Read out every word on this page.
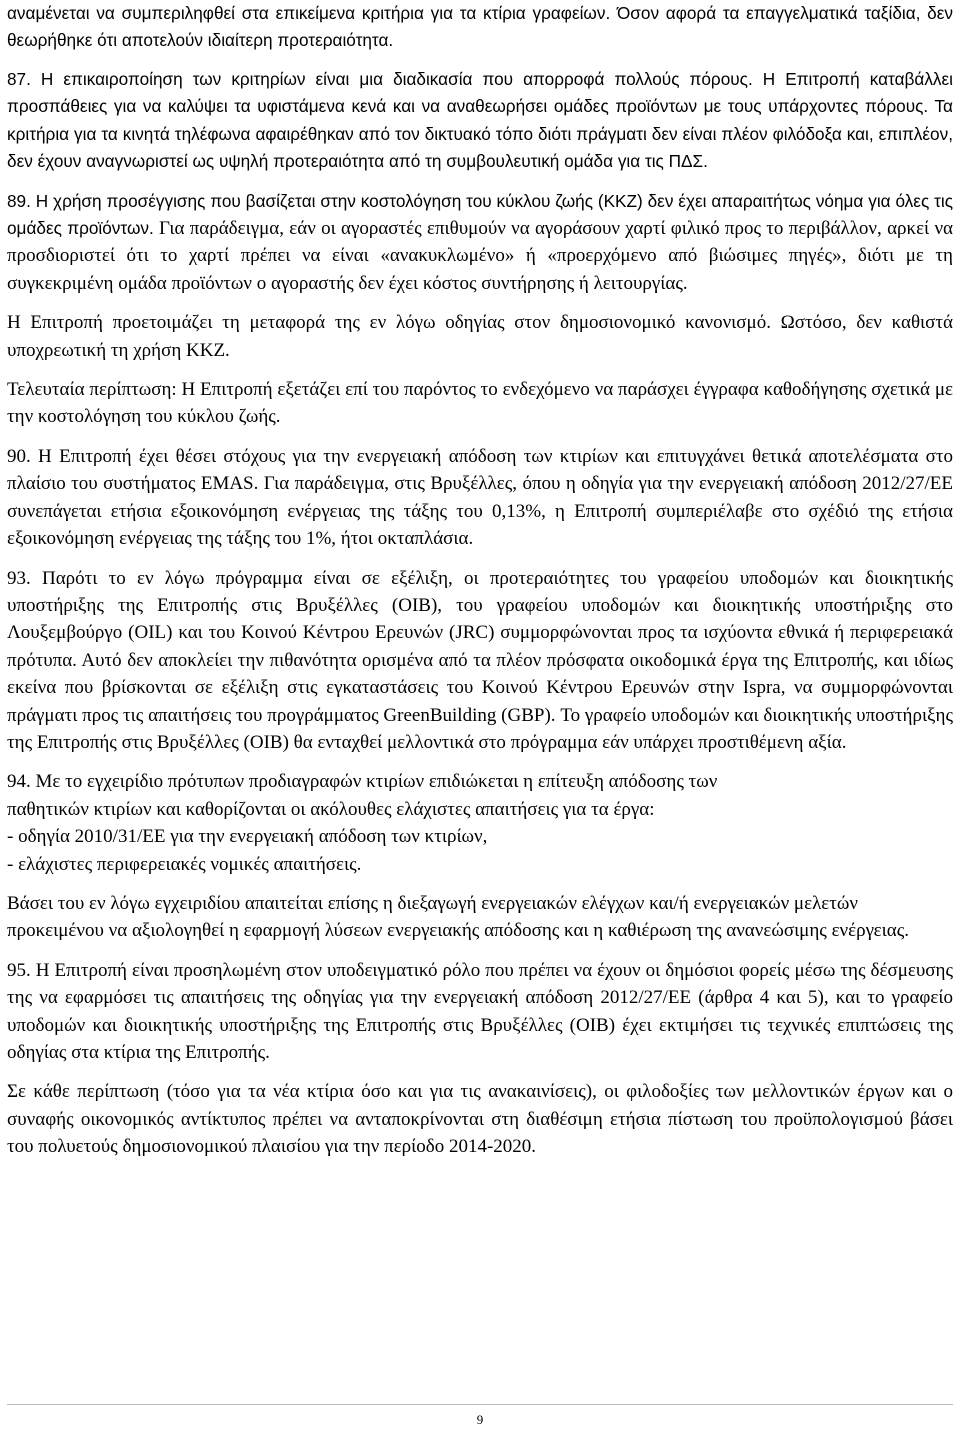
αναμένεται να συμπεριληφθεί στα επικείμενα κριτήρια για τα κτίρια γραφείων. Όσον αφορά τα επαγγελματικά ταξίδια, δεν θεωρήθηκε ότι αποτελούν ιδιαίτερη προτεραιότητα.

87. Η επικαιροποίηση των κριτηρίων είναι μια διαδικασία που απορροφά πολλούς πόρους. Η Επιτροπή καταβάλλει προσπάθειες για να καλύψει τα υφιστάμενα κενά και να αναθεωρήσει ομάδες προϊόντων με τους υπάρχοντες πόρους. Τα κριτήρια για τα κινητά τηλέφωνα αφαιρέθηκαν από τον δικτυακό τόπο διότι πράγματι δεν είναι πλέον φιλόδοξα και, επιπλέον, δεν έχουν αναγνωριστεί ως υψηλή προτεραιότητα από τη συμβουλευτική ομάδα για τις ΠΔΣ.

89. Η χρήση προσέγγισης που βασίζεται στην κοστολόγηση του κύκλου ζωής (ΚΚΖ) δεν έχει απαραιτήτως νόημα για όλες τις ομάδες προϊόντων. Για παράδειγμα, εάν οι αγοραστές επιθυμούν να αγοράσουν χαρτί φιλικό προς το περιβάλλον, αρκεί να προσδιοριστεί ότι το χαρτί πρέπει να είναι «ανακυκλωμένο» ή «προερχόμενο από βιώσιμες πηγές», διότι με τη συγκεκριμένη ομάδα προϊόντων ο αγοραστής δεν έχει κόστος συντήρησης ή λειτουργίας.

Η Επιτροπή προετοιμάζει τη μεταφορά της εν λόγω οδηγίας στον δημοσιονομικό κανονισμό. Ωστόσο, δεν καθιστά υποχρεωτική τη χρήση ΚΚΖ.

Τελευταία περίπτωση: Η Επιτροπή εξετάζει επί του παρόντος το ενδεχόμενο να παράσχει έγγραφα καθοδήγησης σχετικά με την κοστολόγηση του κύκλου ζωής.

90. Η Επιτροπή έχει θέσει στόχους για την ενεργειακή απόδοση των κτιρίων και επιτυγχάνει θετικά αποτελέσματα στο πλαίσιο του συστήματος EMAS. Για παράδειγμα, στις Βρυξέλλες, όπου η οδηγία για την ενεργειακή απόδοση 2012/27/ΕΕ συνεπάγεται ετήσια εξοικονόμηση ενέργειας της τάξης του 0,13%, η Επιτροπή συμπεριέλαβε στο σχέδιό της ετήσια εξοικονόμηση ενέργειας της τάξης του 1%, ήτοι οκταπλάσια.

93. Παρότι το εν λόγω πρόγραμμα είναι σε εξέλιξη, οι προτεραιότητες του γραφείου υποδομών και διοικητικής υποστήριξης της Επιτροπής στις Βρυξέλλες (OIB), του γραφείου υποδομών και διοικητικής υποστήριξης στο Λουξεμβούργο (OIL) και του Κοινού Κέντρου Ερευνών (JRC) συμμορφώνονται προς τα ισχύοντα εθνικά ή περιφερειακά πρότυπα. Αυτό δεν αποκλείει την πιθανότητα ορισμένα από τα πλέον πρόσφατα οικοδομικά έργα της Επιτροπής, και ιδίως εκείνα που βρίσκονται σε εξέλιξη στις εγκαταστάσεις του Κοινού Κέντρου Ερευνών στην Ispra, να συμμορφώνονται πράγματι προς τις απαιτήσεις του προγράμματος GreenBuilding (GBP). Το γραφείο υποδομών και διοικητικής υποστήριξης της Επιτροπής στις Βρυξέλλες (OIB) θα ενταχθεί μελλοντικά στο πρόγραμμα εάν υπάρχει προστιθέμενη αξία.

94. Με το εγχειρίδιο πρότυπων προδιαγραφών κτιρίων επιδιώκεται η επίτευξη απόδοσης των
παθητικών κτιρίων και καθορίζονται οι ακόλουθες ελάχιστες απαιτήσεις για τα έργα:
- οδηγία 2010/31/ΕΕ για την ενεργειακή απόδοση των κτιρίων,
- ελάχιστες περιφερειακές νομικές απαιτήσεις.

Βάσει του εν λόγω εγχειριδίου απαιτείται επίσης η διεξαγωγή ενεργειακών ελέγχων και/ή ενεργειακών μελετών προκειμένου να αξιολογηθεί η εφαρμογή λύσεων ενεργειακής απόδοσης και η καθιέρωση της ανανεώσιμης ενέργειας.

95. Η Επιτροπή είναι προσηλωμένη στον υποδειγματικό ρόλο που πρέπει να έχουν οι δημόσιοι φορείς μέσω της δέσμευσης της να εφαρμόσει τις απαιτήσεις της οδηγίας για την ενεργειακή απόδοση 2012/27/ΕΕ (άρθρα 4 και 5), και το γραφείο υποδομών και διοικητικής υποστήριξης της Επιτροπής στις Βρυξέλλες (OIB) έχει εκτιμήσει τις τεχνικές επιπτώσεις της οδηγίας στα κτίρια της Επιτροπής.

Σε κάθε περίπτωση (τόσο για τα νέα κτίρια όσο και για τις ανακαινίσεις), οι φιλοδοξίες των μελλοντικών έργων και ο συναφής οικονομικός αντίκτυπος πρέπει να ανταποκρίνονται στη διαθέσιμη ετήσια πίστωση του προϋπολογισμού βάσει του πολυετούς δημοσιονομικού πλαισίου για την περίοδο 2014-2020.

9
